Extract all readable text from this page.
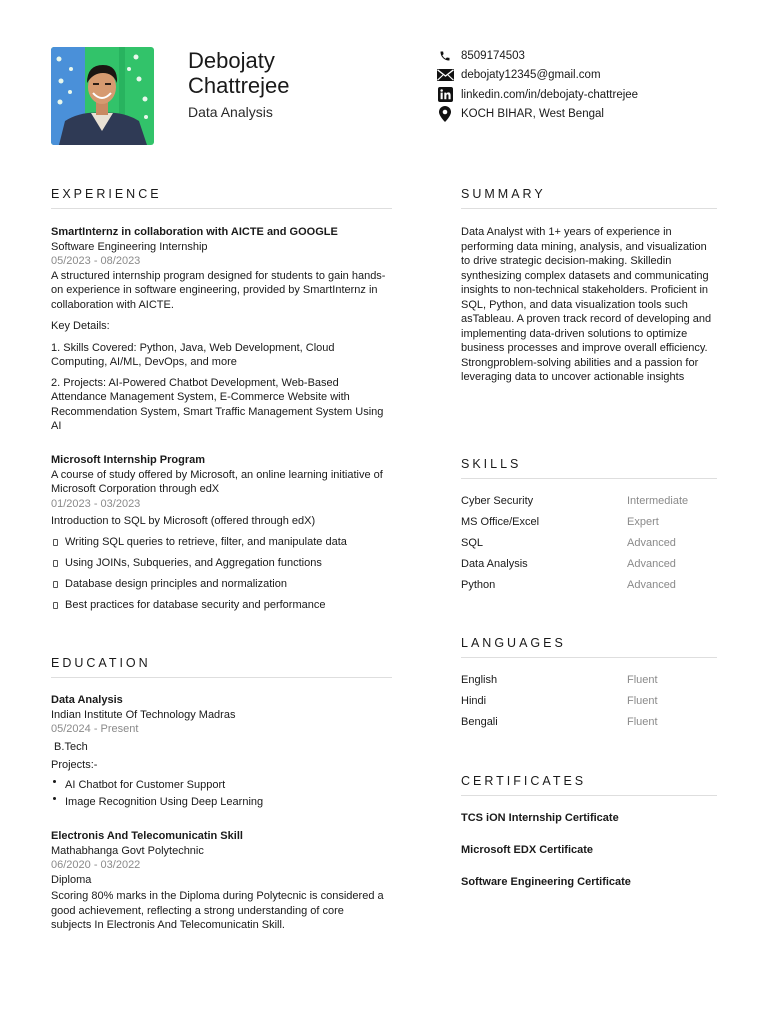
Debojaty
Chattrejee
Data Analysis
8509174503
debojaty12345@gmail.com
linkedin.com/in/debojaty-chattrejee
KOCH BIHAR, West Bengal
EXPERIENCE
SmartInternz in collaboration with AICTE and GOOGLE
Software Engineering Internship
05/2023 - 08/2023
A structured internship program designed for students to gain hands-on experience in software engineering, provided by SmartInternz in collaboration with AICTE.
Key Details:
1. Skills Covered: Python, Java, Web Development, Cloud Computing, AI/ML, DevOps, and more
2. Projects: AI-Powered Chatbot Development, Web-Based Attendance Management System, E-Commerce Website with Recommendation System, Smart Traffic Management System Using AI
Microsoft Internship Program
A course of study offered by Microsoft, an online learning initiative of Microsoft Corporation through edX
01/2023 - 03/2023
Introduction to SQL by Microsoft (offered through edX)
Writing SQL queries to retrieve, filter, and manipulate data
Using JOINs, Subqueries, and Aggregation functions
Database design principles and normalization
Best practices for database security and performance
EDUCATION
Data Analysis
Indian Institute Of Technology Madras
05/2024 - Present
B.Tech
Projects:-
AI Chatbot for Customer Support
Image Recognition Using Deep Learning
Electronis And Telecomunicatin Skill
Mathabhanga Govt Polytechnic
06/2020 - 03/2022
Diploma
Scoring 80% marks in the Diploma during Polytecnic is considered a good achievement, reflecting a strong understanding of core subjects In Electronis And Telecomunicatin Skill.
SUMMARY
Data Analyst with 1+ years of experience in performing data mining, analysis, and visualization to drive strategic decision-making. Skilledin synthesizing complex datasets and communicating insights to non-technical stakeholders. Proficient in SQL, Python, and data visualization tools such asTableau. A proven track record of developing and implementing data-driven solutions to optimize business processes and improve overall efficiency. Strongproblem-solving abilities and a passion for leveraging data to uncover actionable insights
SKILLS
Cyber Security	Intermediate
MS Office/Excel	Expert
SQL	Advanced
Data Analysis	Advanced
Python	Advanced
LANGUAGES
English	Fluent
Hindi	Fluent
Bengali	Fluent
CERTIFICATES
TCS iON Internship Certificate
Microsoft EDX Certificate
Software Engineering Certificate
